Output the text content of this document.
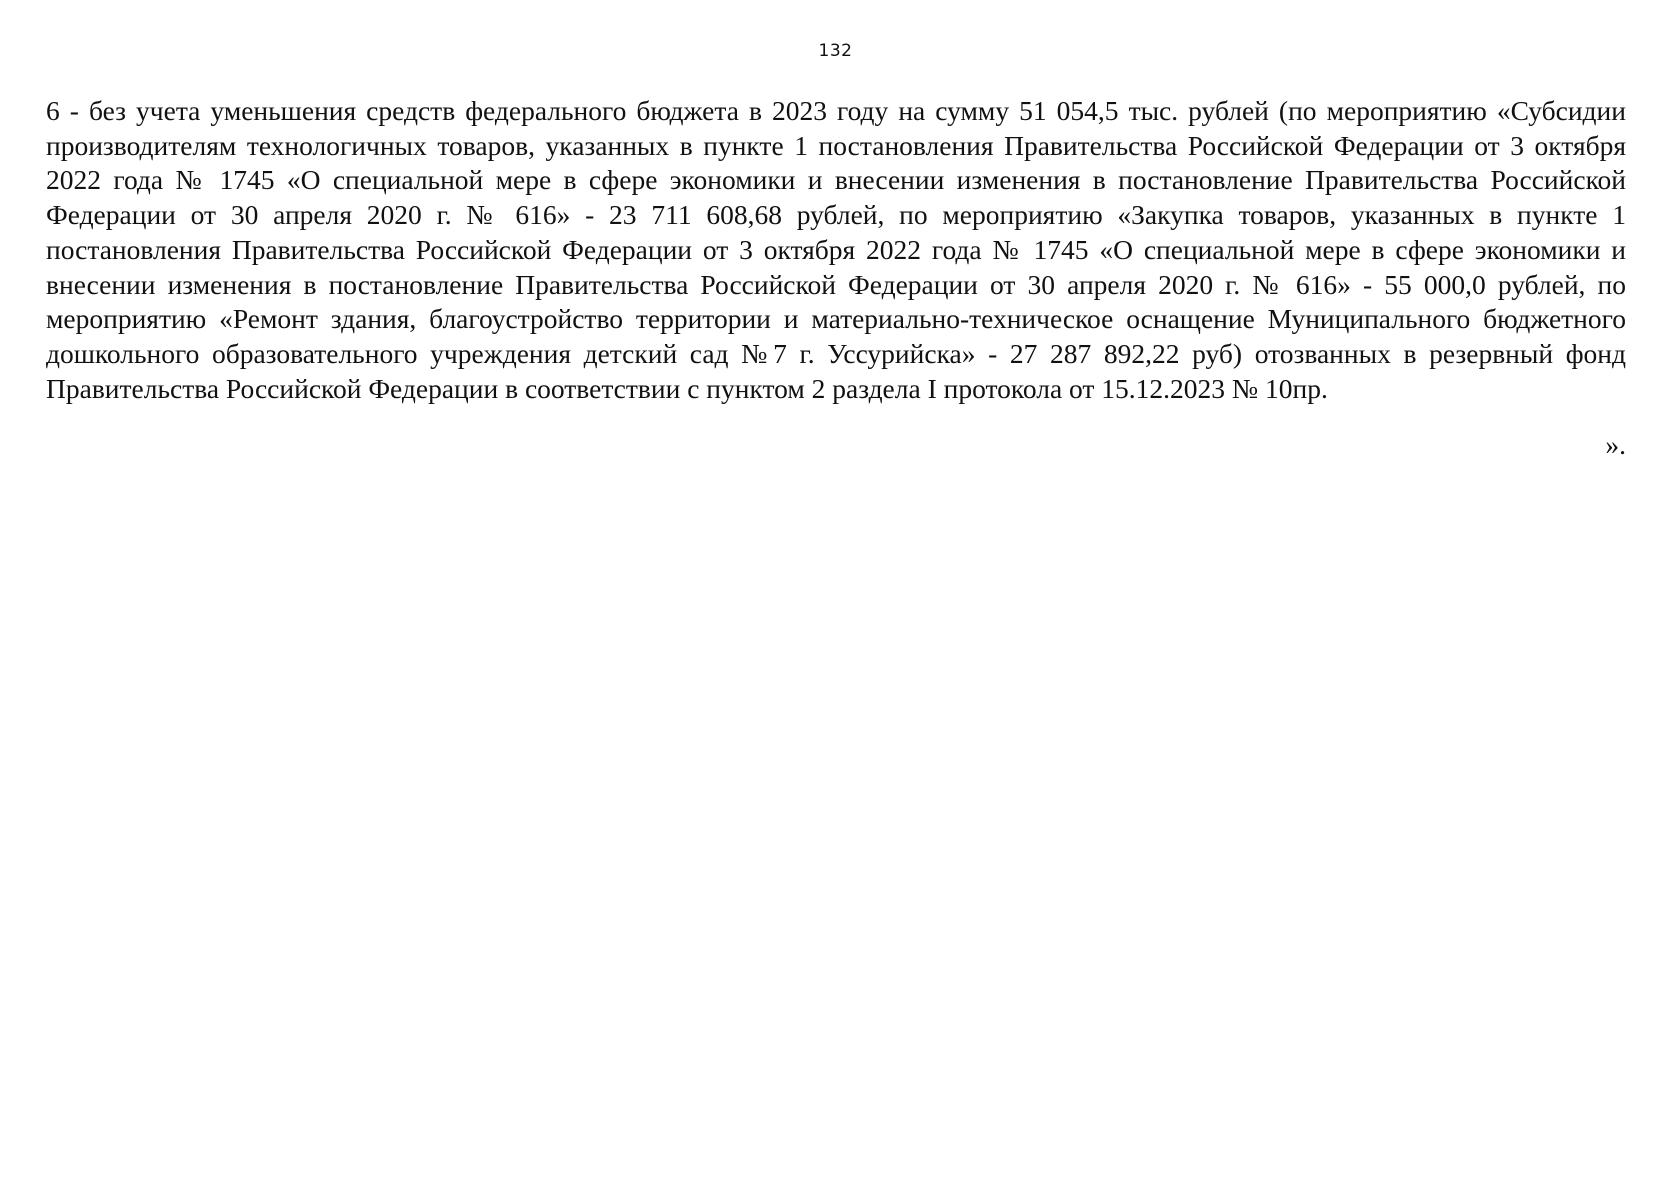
132

6 - без учета уменьшения средств федерального бюджета в 2023 году на сумму 51 054,5 тыс. рублей (по мероприятию «Субсидии производителям технологичных товаров, указанных в пункте 1 постановления Правительства Российской Федерации от 3 октября 2022 года № 1745 «О специальной мере в сфере экономики и внесении изменения в постановление Правительства Российской Федерации от 30 апреля 2020 г. № 616» - 23 711 608,68 рублей, по мероприятию «Закупка товаров, указанных в пункте 1 постановления Правительства Российской Федерации от 3 октября 2022 года № 1745 «О специальной мере в сфере экономики и внесении изменения в постановление Правительства Российской Федерации от 30 апреля 2020 г. № 616» - 55 000,0 рублей, по мероприятию «Ремонт здания, благоустройство территории и материально-техническое оснащение Муниципального бюджетного дошкольного образовательного учреждения детский сад №7 г. Уссурийска» - 27 287 892,22 руб) отозванных в резервный фонд Правительства Российской Федерации в соответствии с пунктом 2 раздела I протокола от 15.12.2023 № 10пр.

».
